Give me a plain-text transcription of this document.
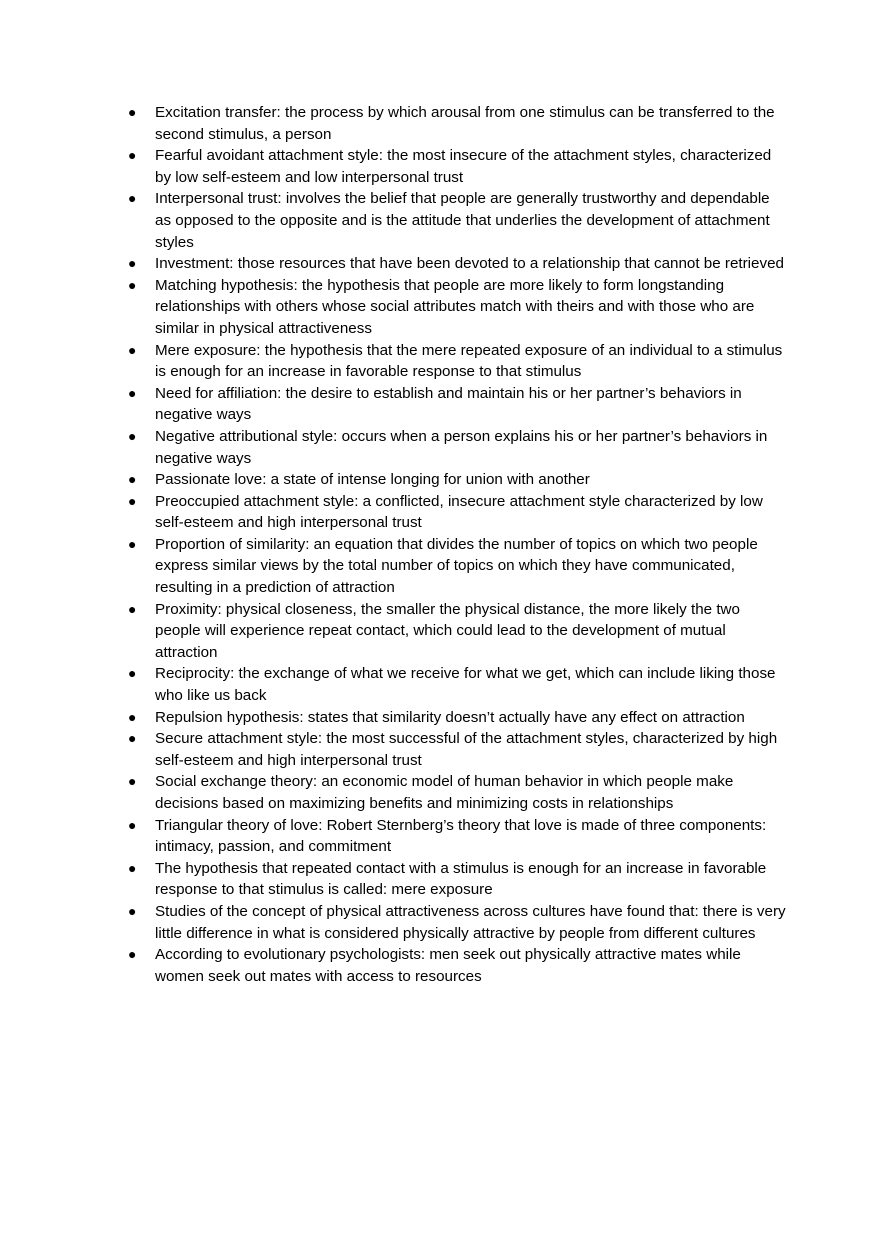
●	Excitation transfer: the process by which arousal from one stimulus can be transferred to the second stimulus, a person
●	Fearful avoidant attachment style: the most insecure of the attachment styles, characterized by low self-esteem and low interpersonal trust
●	Interpersonal trust: involves the belief that people are generally trustworthy and dependable as opposed to the opposite and is the attitude that underlies the development of attachment styles
●	Investment: those resources that have been devoted to a relationship that cannot be retrieved
●	Matching hypothesis: the hypothesis that people are more likely to form longstanding relationships with others whose social attributes match with theirs and with those who are similar in physical attractiveness
●	Mere exposure: the hypothesis that the mere repeated exposure of an individual to a stimulus is enough for an increase in favorable response to that stimulus
●	Need for affiliation: the desire to establish and maintain his or her partner’s behaviors in negative ways
●	Negative attributional style: occurs when a person explains his or her partner’s behaviors in negative ways
●	Passionate love: a state of intense longing for union with another
●	Preoccupied attachment style: a conflicted, insecure attachment style characterized by low self-esteem and high interpersonal trust
●	Proportion of similarity: an equation that divides the number of topics on which two people express similar views by the total number of topics on which they have communicated, resulting in a prediction of attraction
●	Proximity: physical closeness, the smaller the physical distance, the more likely the two people will experience repeat contact, which could lead to the development of mutual attraction
●	Reciprocity: the exchange of what we receive for what we get, which can include liking those who like us back
●	Repulsion hypothesis: states that similarity doesn’t actually have any effect on attraction
●	Secure attachment style: the most successful of the attachment styles, characterized by high self-esteem and high interpersonal trust
●	Social exchange theory: an economic model of human behavior in which people make decisions based on maximizing benefits and minimizing costs in relationships
●	Triangular theory of love: Robert Sternberg’s theory that love is made of three components: intimacy, passion, and commitment
●	The hypothesis that repeated contact with a stimulus is enough for an increase in favorable response to that stimulus is called: mere exposure
●	Studies of the concept of physical attractiveness across cultures have found that: there is very little difference in what is considered physically attractive by people from different cultures
●	According to evolutionary psychologists: men seek out physically attractive mates while women seek out mates with access to resources
